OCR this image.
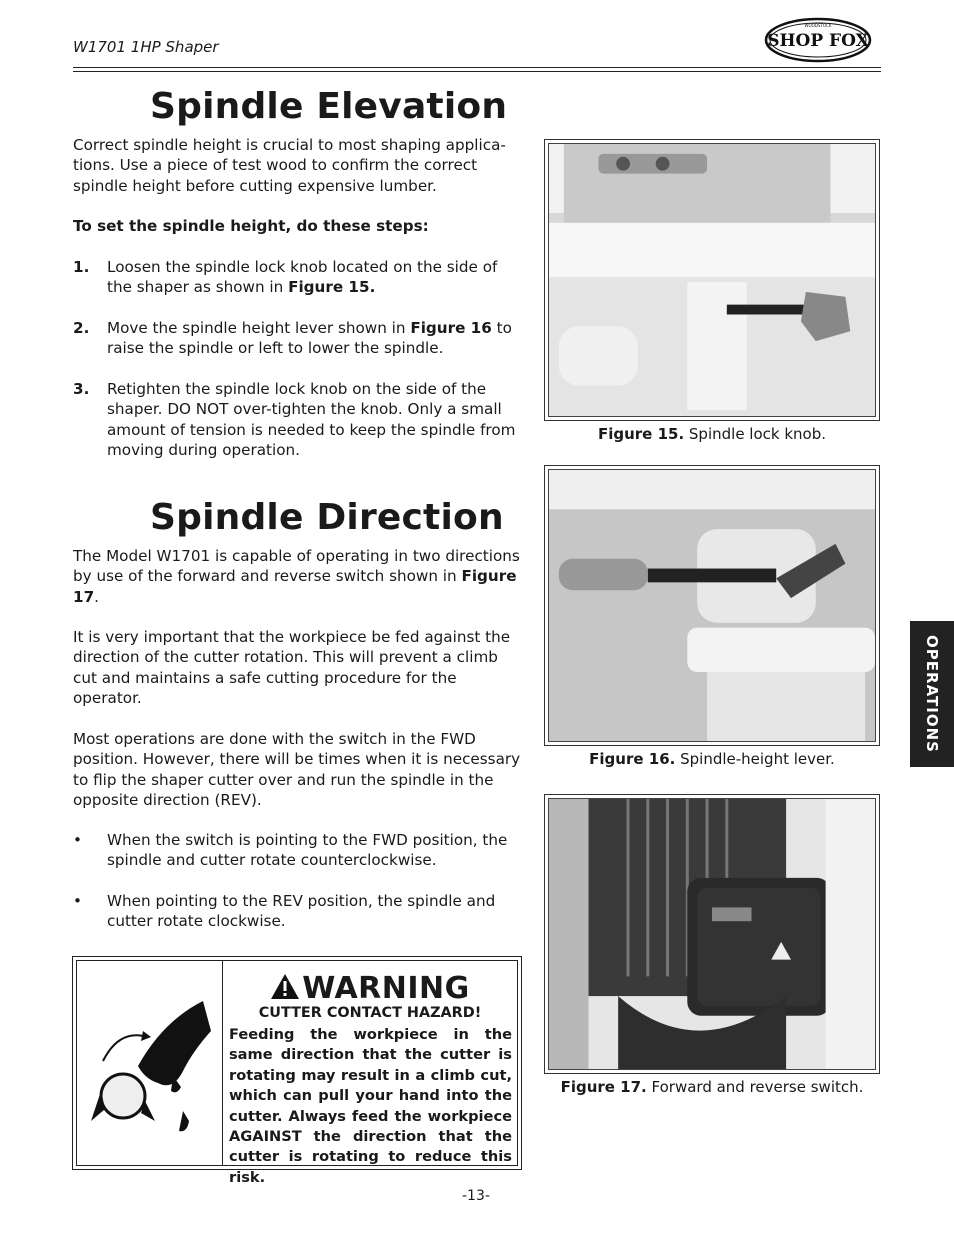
W1701 1HP Shaper	SHOP FOX
WOODSTOCK
Spindle Elevation

Correct spindle height is crucial to most shaping applica- tions. Use a piece of test wood to confirm the correct spindle height before cutting expensive lumber.

To set the spindle height, do these steps:

1. Loosen the spindle lock knob located on the side of the shaper as shown in Figure 15.
2. Move the spindle height lever shown in Figure 16 to raise the spindle or left to lower the spindle.
3. Retighten the spindle lock knob on the side of the shaper. DO NOT over-tighten the knob. Only a small amount of tension is needed to keep the spindle from moving during operation.
Spindle Direction

The Model W1701 is capable of operating in two directions by use of the forward and reverse switch shown in Figure 17.

It is very important that the workpiece be fed against the direction of the cutter rotation. This will prevent a climb cut and maintains a safe cutting procedure for the operator.

Most operations are done with the switch in the FWD position. However, there will be times when it is necessary to flip the shaper cutter over and run the spindle in the opposite direction (REV).

• When the switch is pointing to the FWD position, the spindle and cutter rotate counterclockwise.
• When pointing to the REV position, the spindle and cutter rotate clockwise.
WARNING
CUTTER CONTACT HAZARD!
Feeding the workpiece in the same direction that the cutter is rotating may result in a climb cut, which can pull your hand into the cutter. Always feed the workpiece AGAINST the direction that the cutter is rotating to reduce this risk.
Figure 15. Spindle lock knob.
Figure 16. Spindle-height lever.
Figure 17. Forward and reverse switch.
OPERATIONS
-13-
